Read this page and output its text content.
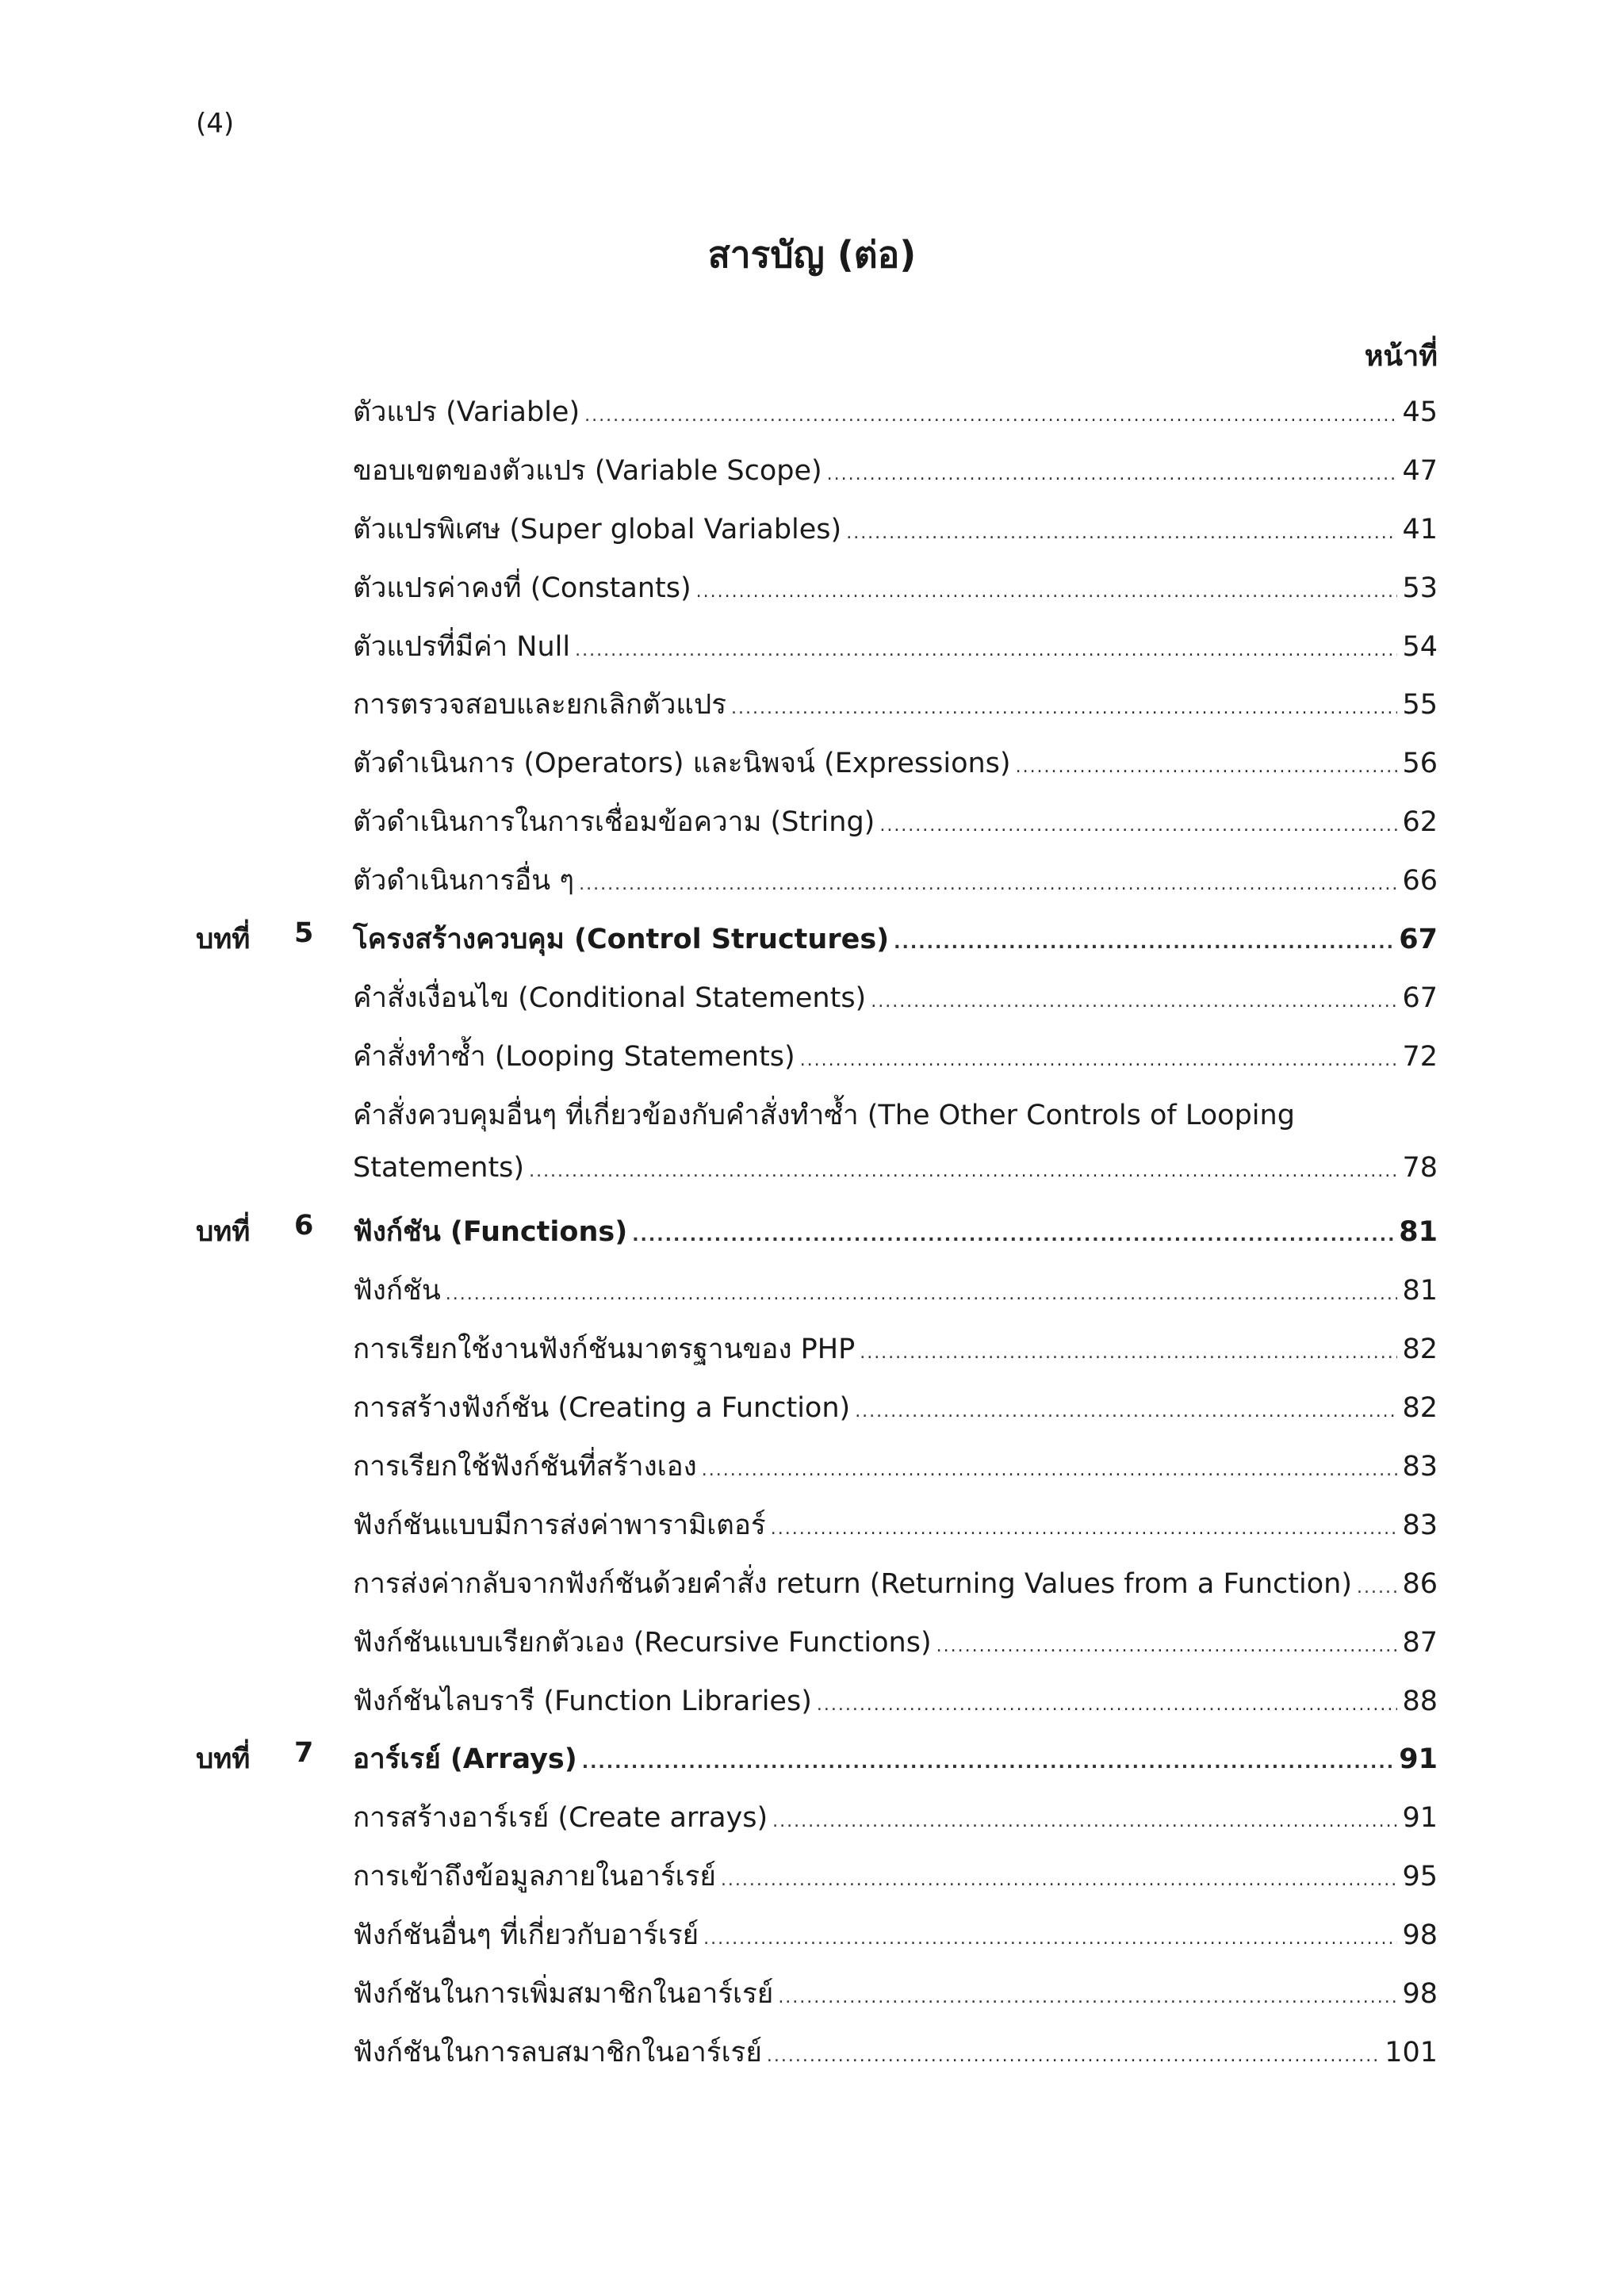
(4)
สารบัญ (ต่อ)
หน้าที่
ตัวแปร (Variable) .....	45
ขอบเขตของตัวแปร (Variable Scope) .....	47
ตัวแปรพิเศษ (Super global Variables) .....	41
ตัวแปรค่าคงที่ (Constants) .....	53
ตัวแปรที่มีค่า Null .....	54
การตรวจสอบและยกเลิกตัวแปร .....	55
ตัวดำเนินการ (Operators) และนิพจน์ (Expressions) .....	56
ตัวดำเนินการในการเชื่อมข้อความ (String) .....	62
ตัวดำเนินการอื่น ๆ .....	66
บทที่ 5 โครงสร้างควบคุม (Control Structures) .....	67
คำสั่งเงื่อนไข (Conditional Statements) .....	67
คำสั่งทำซ้ำ (Looping Statements) .....	72
คำสั่งควบคุมอื่นๆ ที่เกี่ยวข้องกับคำสั่งทำซ้ำ (The Other Controls of Looping
Statements) .....	78
บทที่ 6 ฟังก์ชัน (Functions) .....	81
ฟังก์ชัน .....	81
การเรียกใช้งานฟังก์ชันมาตรฐานของ PHP .....	82
การสร้างฟังก์ชัน (Creating a Function) .....	82
การเรียกใช้ฟังก์ชันที่สร้างเอง .....	83
ฟังก์ชันแบบมีการส่งค่าพารามิเตอร์ .....	83
การส่งค่ากลับจากฟังก์ชันด้วยคำสั่ง return (Returning Values from a Function) ..... 86
ฟังก์ชันแบบเรียกตัวเอง (Recursive Functions) .....	87
ฟังก์ชันไลบรารี (Function Libraries) .....	88
บทที่ 7 อาร์เรย์ (Arrays) .....	91
การสร้างอาร์เรย์ (Create arrays) .....	91
การเข้าถึงข้อมูลภายในอาร์เรย์ .....	95
ฟังก์ชันอื่นๆ ที่เกี่ยวกับอาร์เรย์ .....	98
ฟังก์ชันในการเพิ่มสมาชิกในอาร์เรย์ .....	98
ฟังก์ชันในการลบสมาชิกในอาร์เรย์ .....	101
